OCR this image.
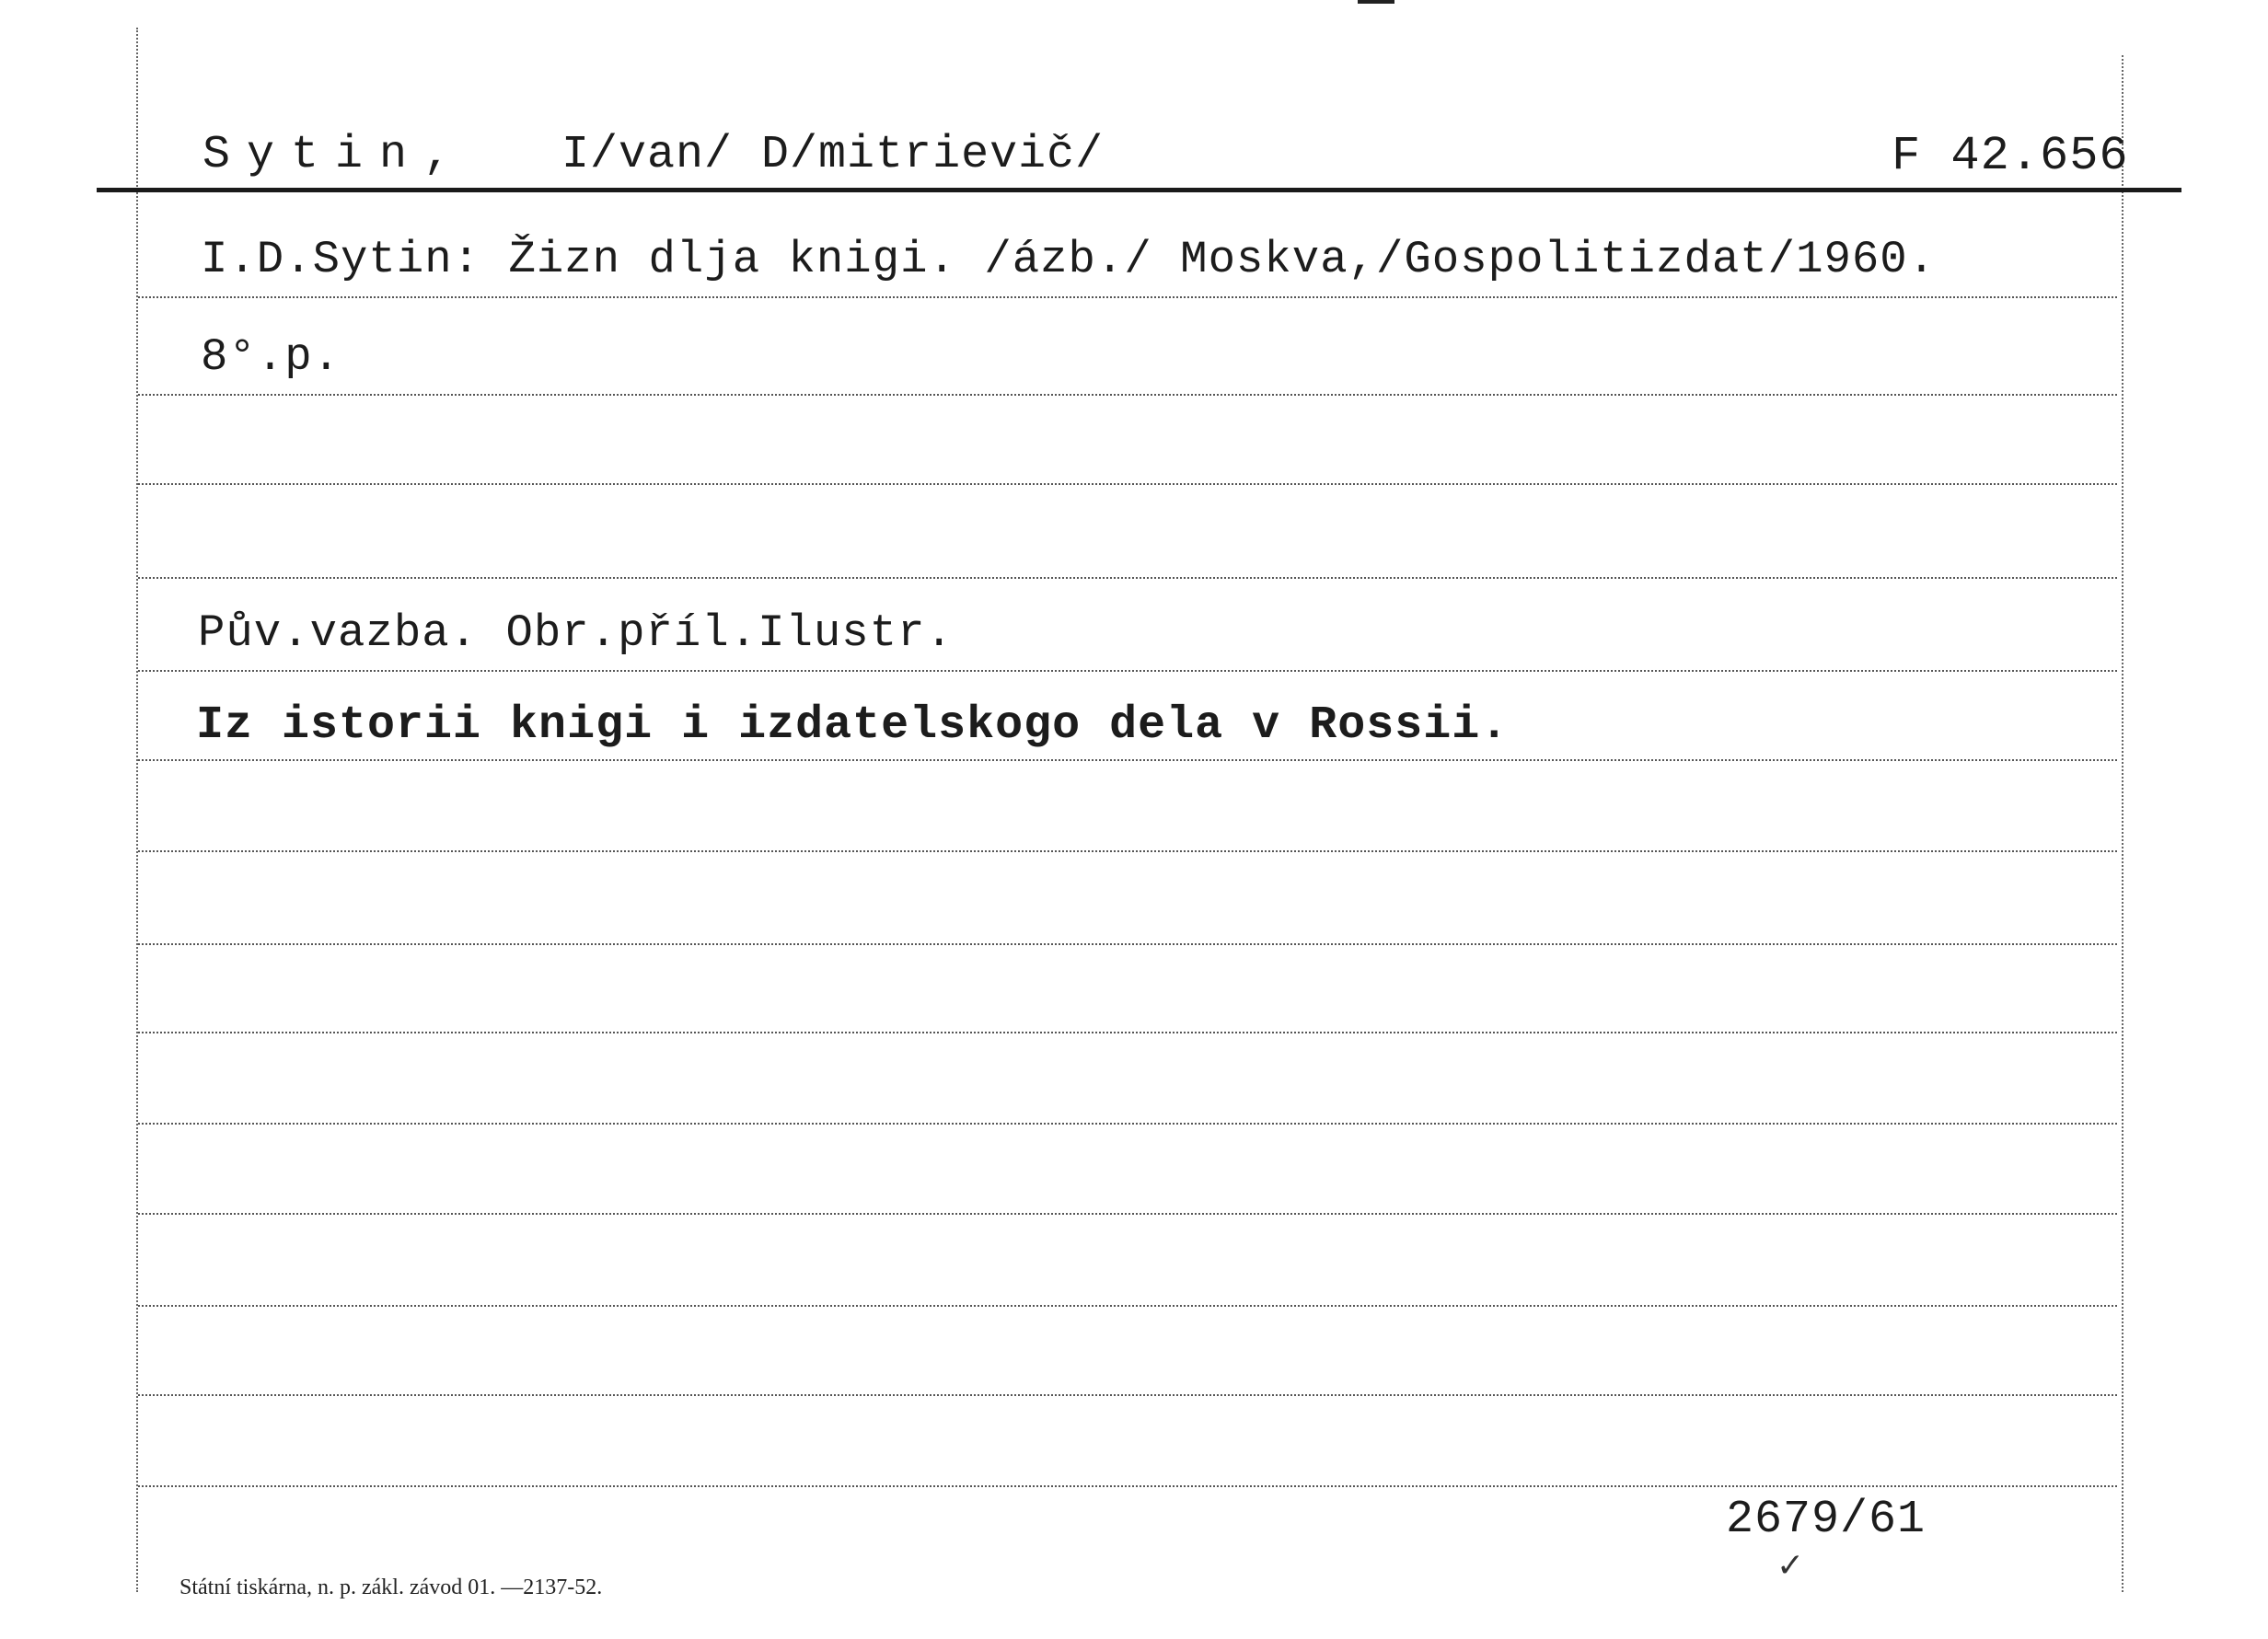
Sytin, I/van/ D/mitrievič/	F 42.656
I.D.Sytin: Žizn dlja knigi. /ázb./ Moskva,/Gospolitizdat/1960.
8°.p.
Pův.vazba. Obr.příl.Ilustr.
Iz istorii knigi i izdatelskogo dela v Rossii.
2679/61
✓
Státní tiskárna, n. p. zákl. závod 01. —2137-52.
